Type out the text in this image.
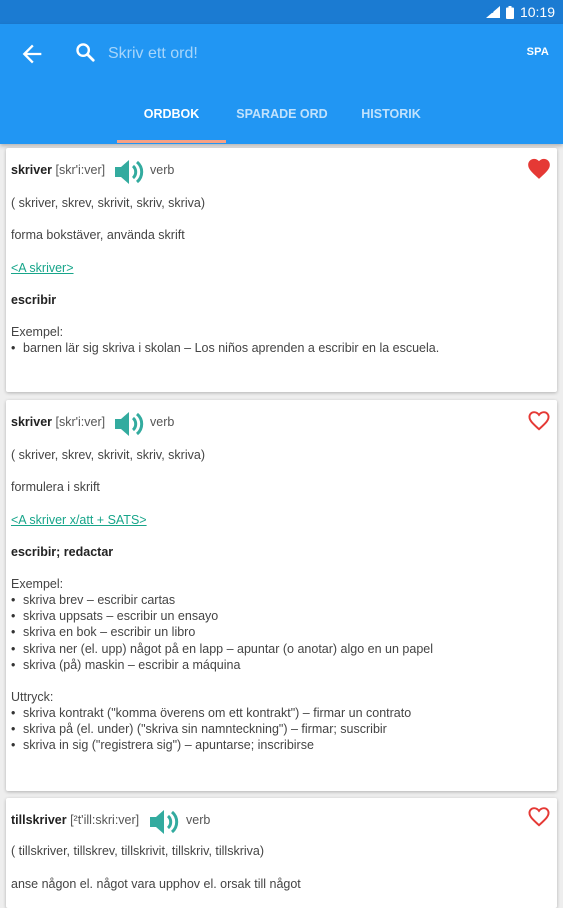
4G 10:19
Skriv ett ord!
SPA
ORDBOK	SPARADE ORD	HISTORIK
skriver [skr'i:ver]	verb
( skriver, skrev, skrivit, skriv, skriva)
forma bokstäver, använda skrift
<A skriver>
escribir
Exempel:
• barnen lär sig skriva i skolan – Los niños aprenden a escribir en la escuela.
skriver [skr'i:ver]	verb
( skriver, skrev, skrivit, skriv, skriva)
formulera i skrift
<A skriver x/att + SATS>
escribir; redactar
Exempel:
• skriva brev – escribir cartas
• skriva uppsats – escribir un ensayo
• skriva en bok – escribir un libro
• skriva ner (el. upp) något på en lapp – apuntar (o anotar) algo en un papel
• skriva (på) maskin – escribir a máquina
Uttryck:
• skriva kontrakt ("komma överens om ett kontrakt") – firmar un contrato
• skriva på (el. under) ("skriva sin namnteckning") – firmar; suscribir
• skriva in sig ("registrera sig") – apuntarse; inscribirse
tillskriver [²t'ill:skri:ver]	verb
( tillskriver, tillskrev, tillskrivit, tillskriv, tillskriva)
anse någon el. något vara upphov el. orsak till något
